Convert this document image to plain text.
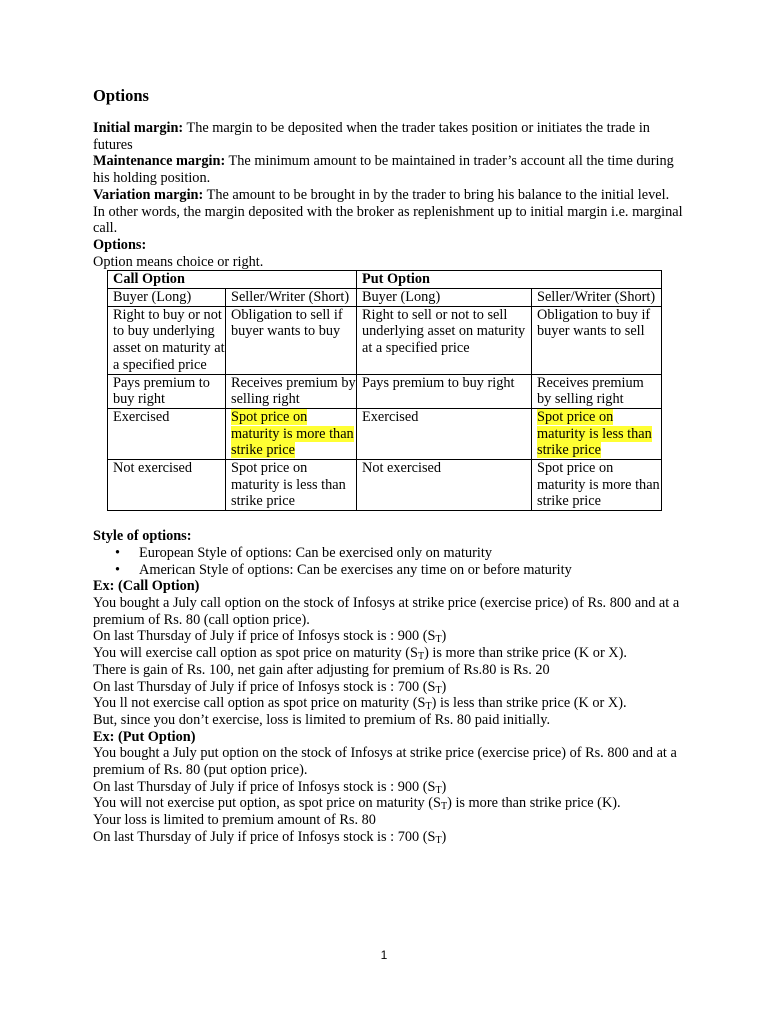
Options

Initial margin: The margin to be deposited when the trader takes position or initiates the trade in futures

Maintenance margin: The minimum amount to be maintained in trader’s account all the time during his holding position.

Variation margin: The amount to be brought in by the trader to bring his balance to the initial level. In other words, the margin deposited with the broker as replenishment up to initial margin i.e. marginal call.

Options:

Option means choice or right.

Call Option		Put Option	
Buyer (Long)	Seller/Writer (Short)	Buyer (Long)	Seller/Writer (Short)
Right to buy or not to buy underlying asset on maturity at a specified price	Obligation to sell if buyer wants to buy	Right to sell or not to sell underlying asset on maturity at a specified price	Obligation to buy if buyer wants to sell
Pays premium to buy right	Receives premium by selling right	Pays premium to buy right	Receives premium by selling right
Exercised	Spot price on maturity is more than strike price	Exercised	Spot price on maturity is less than strike price
Not exercised	Spot price on maturity is less than strike price	Not exercised	Spot price on maturity is more than strike price

Style of options:

• European Style of options: Can be exercised only on maturity
• American Style of options: Can be exercises any time on or before maturity

Ex: (Call Option)

You bought a July call option on the stock of Infosys at strike price (exercise price) of Rs. 800 and at a premium of Rs. 80 (call option price).

On last Thursday of July if price of Infosys stock is : 900 $(S_T)$

You will exercise call option as spot price on maturity $(S_T)$ is more than strike price (K or X).

There is gain of Rs. 100, net gain after adjusting for premium of Rs.80 is Rs. 20

On last Thursday of July if price of Infosys stock is : 700 $(S_T)$

You ll not exercise call option as spot price on maturity $(S_T)$ is less than strike price (K or X).

But, since you don’t exercise, loss is limited to premium of Rs. 80 paid initially.

Ex: (Put Option)

You bought a July put option on the stock of Infosys at strike price (exercise price) of Rs. 800 and at a premium of Rs. 80 (put option price).

On last Thursday of July if price of Infosys stock is : 900 $(S_T)$

You will not exercise put option, as spot price on maturity $(S_T)$ is more than strike price (K).

Your loss is limited to premium amount of Rs. 80

On last Thursday of July if price of Infosys stock is : 700 $(S_T)$

1
